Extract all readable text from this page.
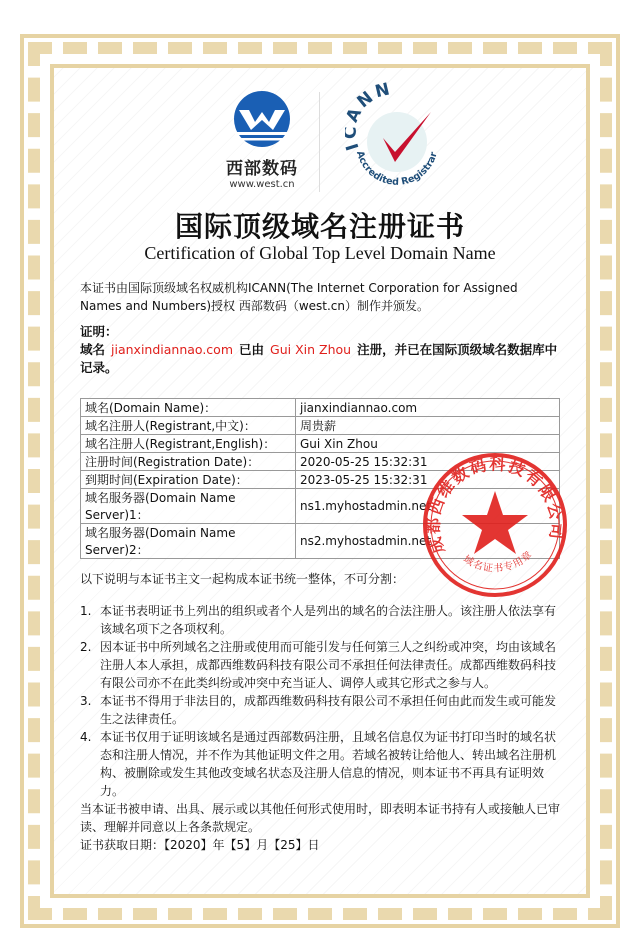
西部数码
www.west.cn
NN
Accredited Registrar
国际顶级域名注册证书
Certification of Global Top Level Domain Name
本证书由国际顶级域名权威机构ICANN(The Internet Corporation for Assigned Names and Numbers)授权 西部数码（west.cn）制作并颁发。
证明：
域名 jianxindiannao.com 已由 Gui Xin Zhou 注册，并已在国际顶级域名数据库中记录。
域名(Domain Name)：	jianxindiannao.com
域名注册人(Registrant,中文)：	周贵薪
域名注册人(Registrant,English)：	Gui Xin Zhou
注册时间(Registration Date)：	2020-05-25 15:32:31
到期时间(Expiration Date)：	2023-05-25 15:32:31
域名服务器(Domain Name Server)1：	ns1.myhostadmin.net
域名服务器(Domain Name Server)2：	ns2.myhostadmin.net
成都西维数码科技有限公司
域名证书专用章
以下说明与本证书主文一起构成本证书统一整体，不可分割：
1. 本证书表明证书上列出的组织或者个人是列出的域名的合法注册人。该注册人依法享有该域名项下之各项权利。
2. 因本证书中所列域名之注册或使用而可能引发与任何第三人之纠纷或冲突，均由该域名注册人本人承担，成都西维数码科技有限公司不承担任何法律责任。成都西维数码科技有限公司亦不在此类纠纷或冲突中充当证人、调停人或其它形式之参与人。
3. 本证书不得用于非法目的，成都西维数码科技有限公司不承担任何由此而发生或可能发生之法律责任。
4. 本证书仅用于证明该域名是通过西部数码注册，且域名信息仅为证书打印当时的域名状态和注册人情况，并不作为其他证明文件之用。若域名被转让给他人、转出域名注册机构、被删除或发生其他改变域名状态及注册人信息的情况，则本证书不再具有证明效力。
当本证书被申请、出具、展示或以其他任何形式使用时，即表明本证书持有人或接触人已审读、理解并同意以上各条款规定。
证书获取日期：【2020】年【5】月【25】日
